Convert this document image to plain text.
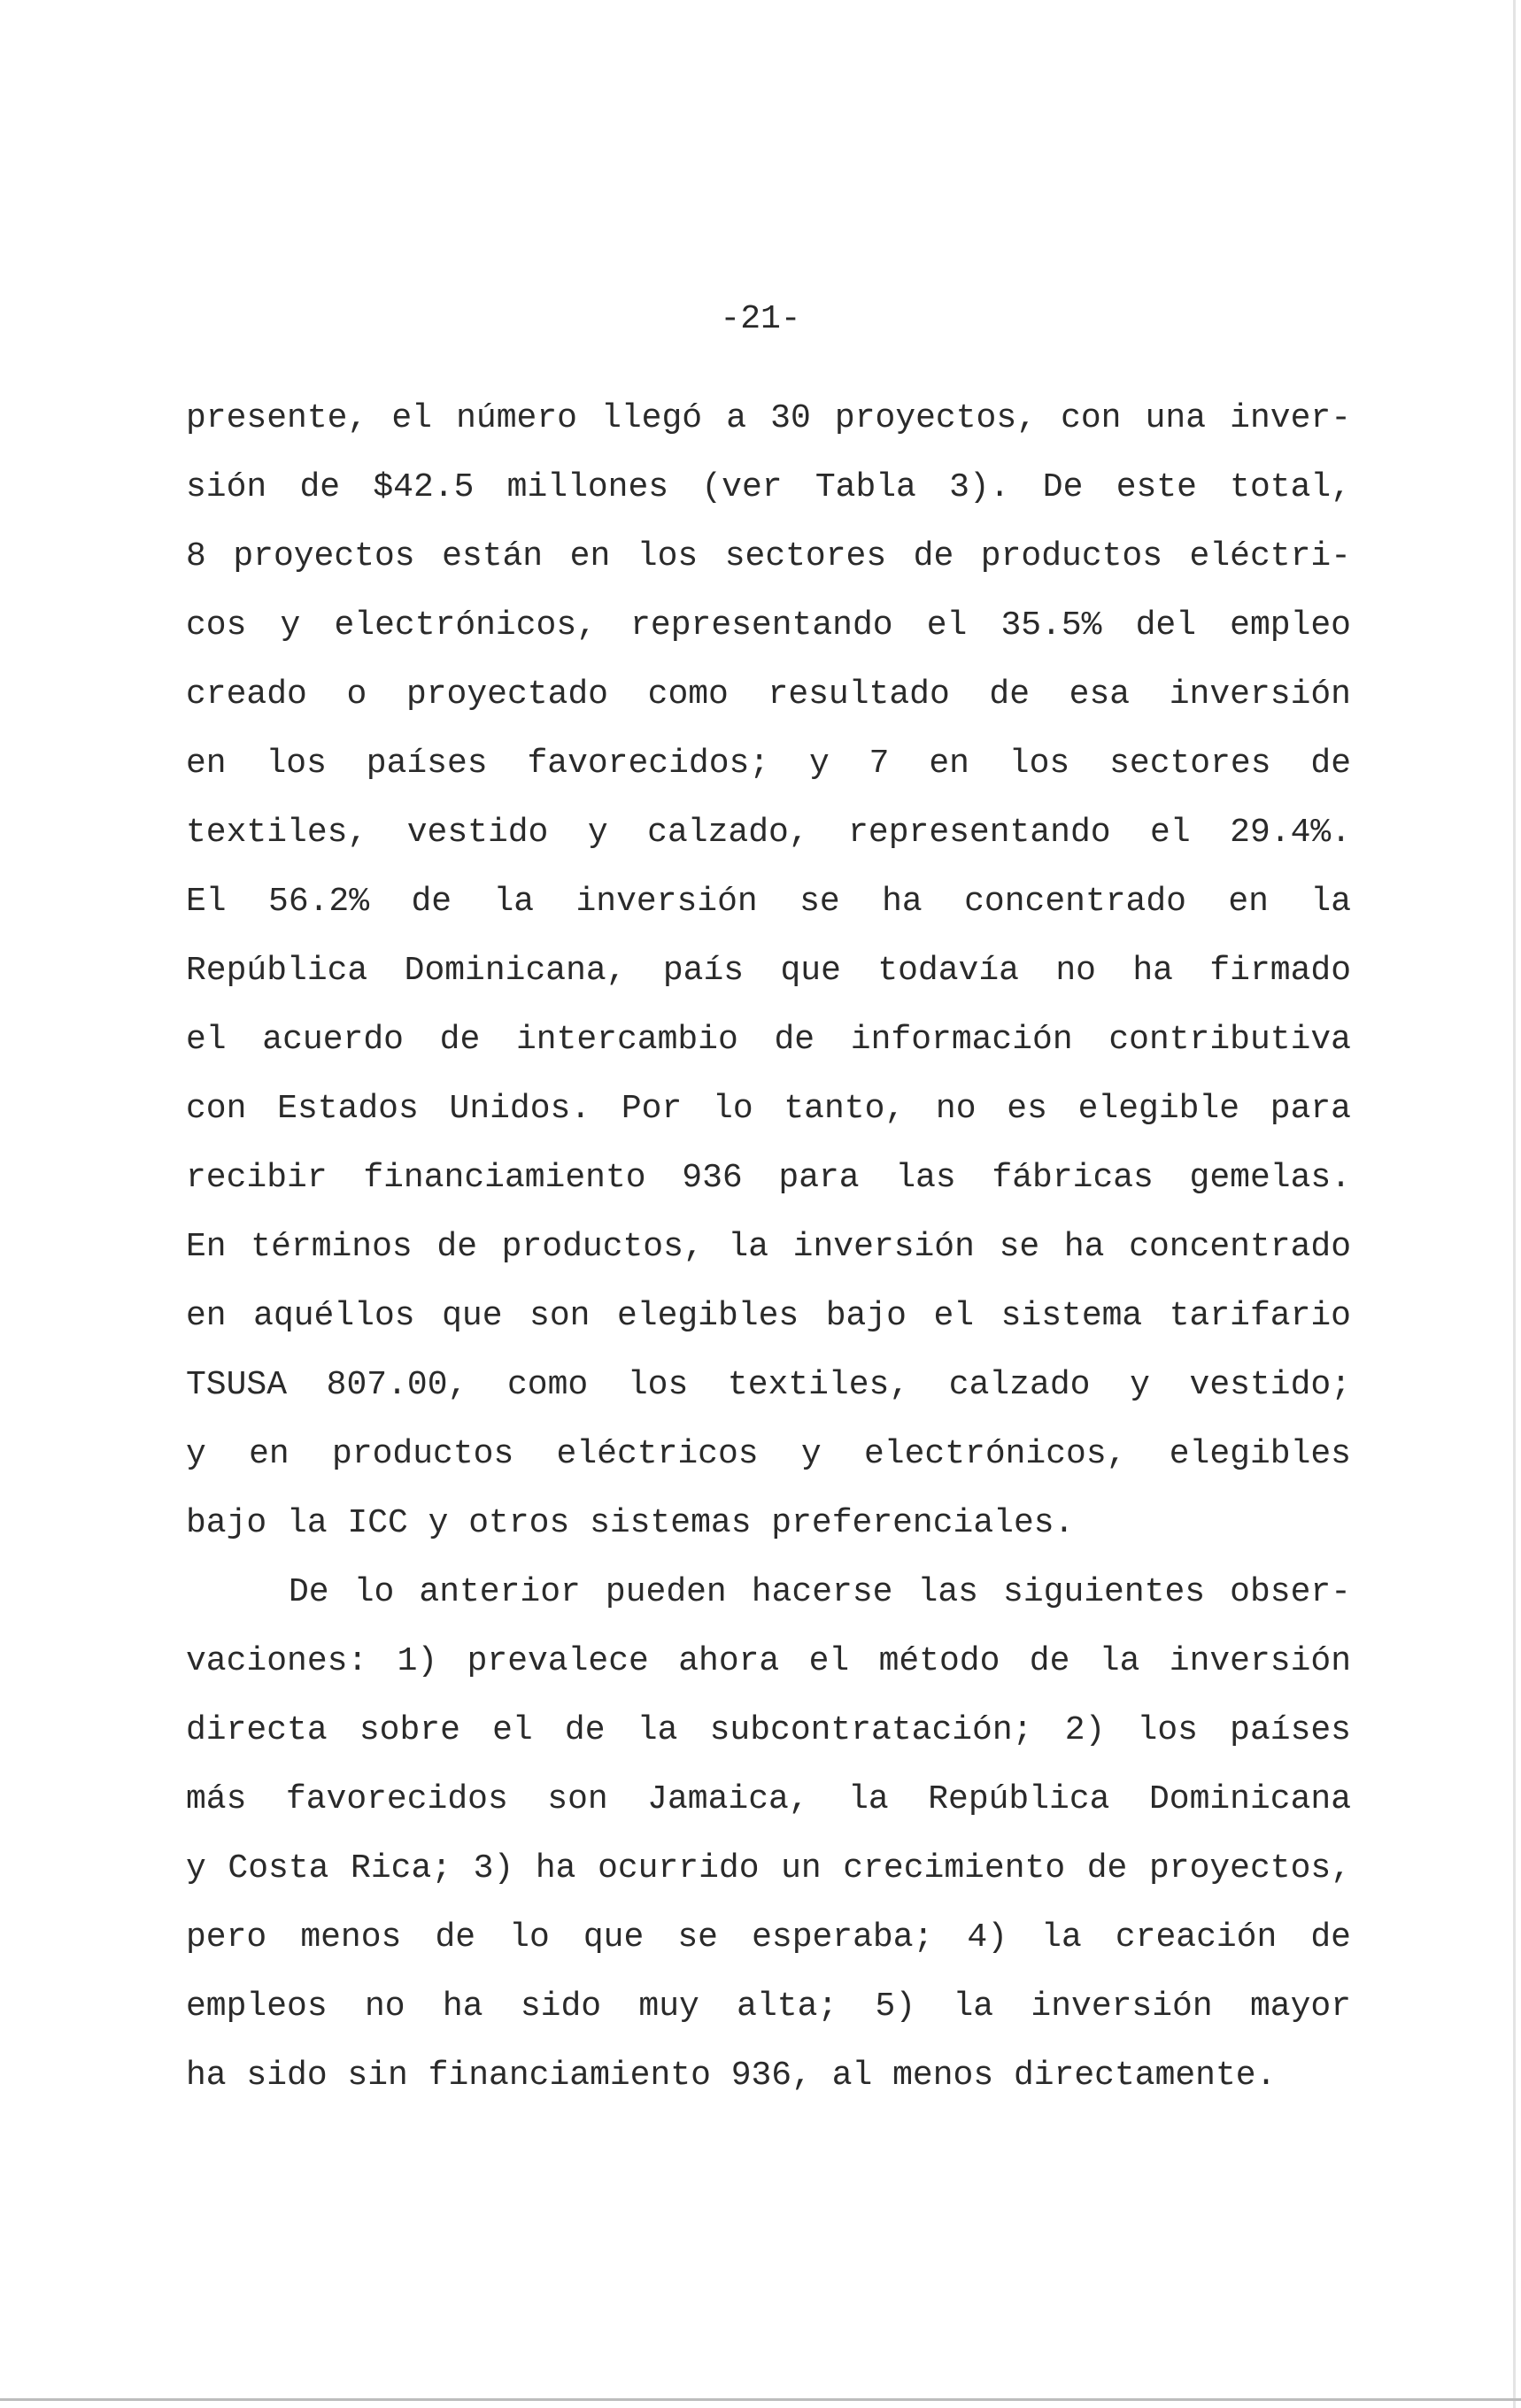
-21-

presente, el número llegó a 30 proyectos, con una inver-

sión de $42.5 millones (ver Tabla 3). De este total,

8 proyectos están en los sectores de productos eléctri-

cos y electrónicos, representando el 35.5% del empleo

creado o proyectado como resultado de esa inversión

en los países favorecidos; y 7 en los sectores de

textiles, vestido y calzado, representando el 29.4%.

El 56.2% de la inversión se ha concentrado en la

República Dominicana, país que todavía no ha firmado

el acuerdo de intercambio de información contributiva

con Estados Unidos. Por lo tanto, no es elegible para

recibir financiamiento 936 para las fábricas gemelas.

En términos de productos, la inversión se ha concentrado

en aquéllos que son elegibles bajo el sistema tarifario

TSUSA 807.00, como los textiles, calzado y vestido;

y en productos eléctricos y electrónicos, elegibles

bajo la ICC y otros sistemas preferenciales.

De lo anterior pueden hacerse las siguientes obser-

vaciones: 1) prevalece ahora el método de la inversión

directa sobre el de la subcontratación; 2) los países

más favorecidos son Jamaica, la República Dominicana

y Costa Rica; 3) ha ocurrido un crecimiento de proyectos,

pero menos de lo que se esperaba; 4) la creación de

empleos no ha sido muy alta; 5) la inversión mayor

ha sido sin financiamiento 936, al menos directamente.
